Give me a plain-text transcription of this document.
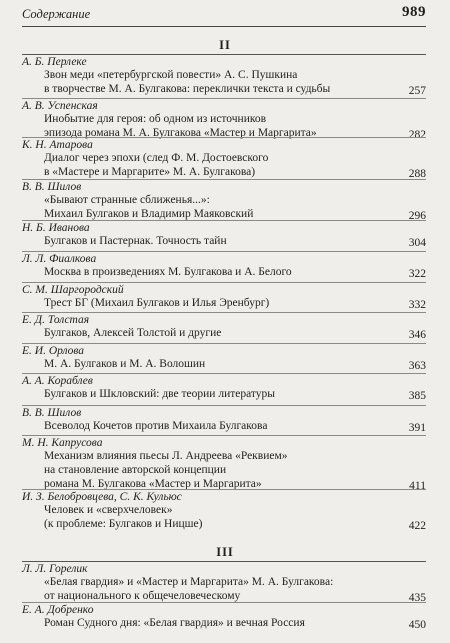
Содержание	989
II
А. Б. Перлеке
Звон меди «петербургской повести» А. С. Пушкина
в творчестве М. А. Булгакова: переклички текста и судьбы	257
А. В. Успенская
Инобытие для героя: об одном из источников
эпизода романа М. А. Булгакова «Мастер и Маргарита»	282
К. Н. Атарова
Диалог через эпохи (след Ф. М. Достоевского
в «Мастере и Маргарите» М. А. Булгакова)	288
В. В. Шилов
«Бывают странные сближенья...»:
Михаил Булгаков и Владимир Маяковский	296
Н. Б. Иванова
Булгаков и Пастернак. Точность тайн	304
Л. Л. Фиалкова
Москва в произведениях М. Булгакова и А. Белого	322
С. М. Шаргородский
Трест БГ (Михаил Булгаков и Илья Эренбург)	332
Е. Д. Толстая
Булгаков, Алексей Толстой и другие	346
Е. И. Орлова
М. А. Булгаков и М. А. Волошин	363
А. А. Кораблев
Булгаков и Шкловский: две теории литературы	385
В. В. Шилов
Всеволод Кочетов против Михаила Булгакова	391
М. Н. Капрусова
Механизм влияния пьесы Л. Андреева «Реквием»
на становление авторской концепции
романа М. Булгакова «Мастер и Маргарита»	411
И. З. Белобровцева, С. К. Кульюс
Человек и «сверхчеловек»
(к проблеме: Булгаков и Ницше)	422
III
Л. Л. Горелик
«Белая гвардия» и «Мастер и Маргарита» М. А. Булгакова:
от национального к общечеловеческому	435
Е. А. Добренко
Роман Судного дня: «Белая гвардия» и вечная Россия	450
